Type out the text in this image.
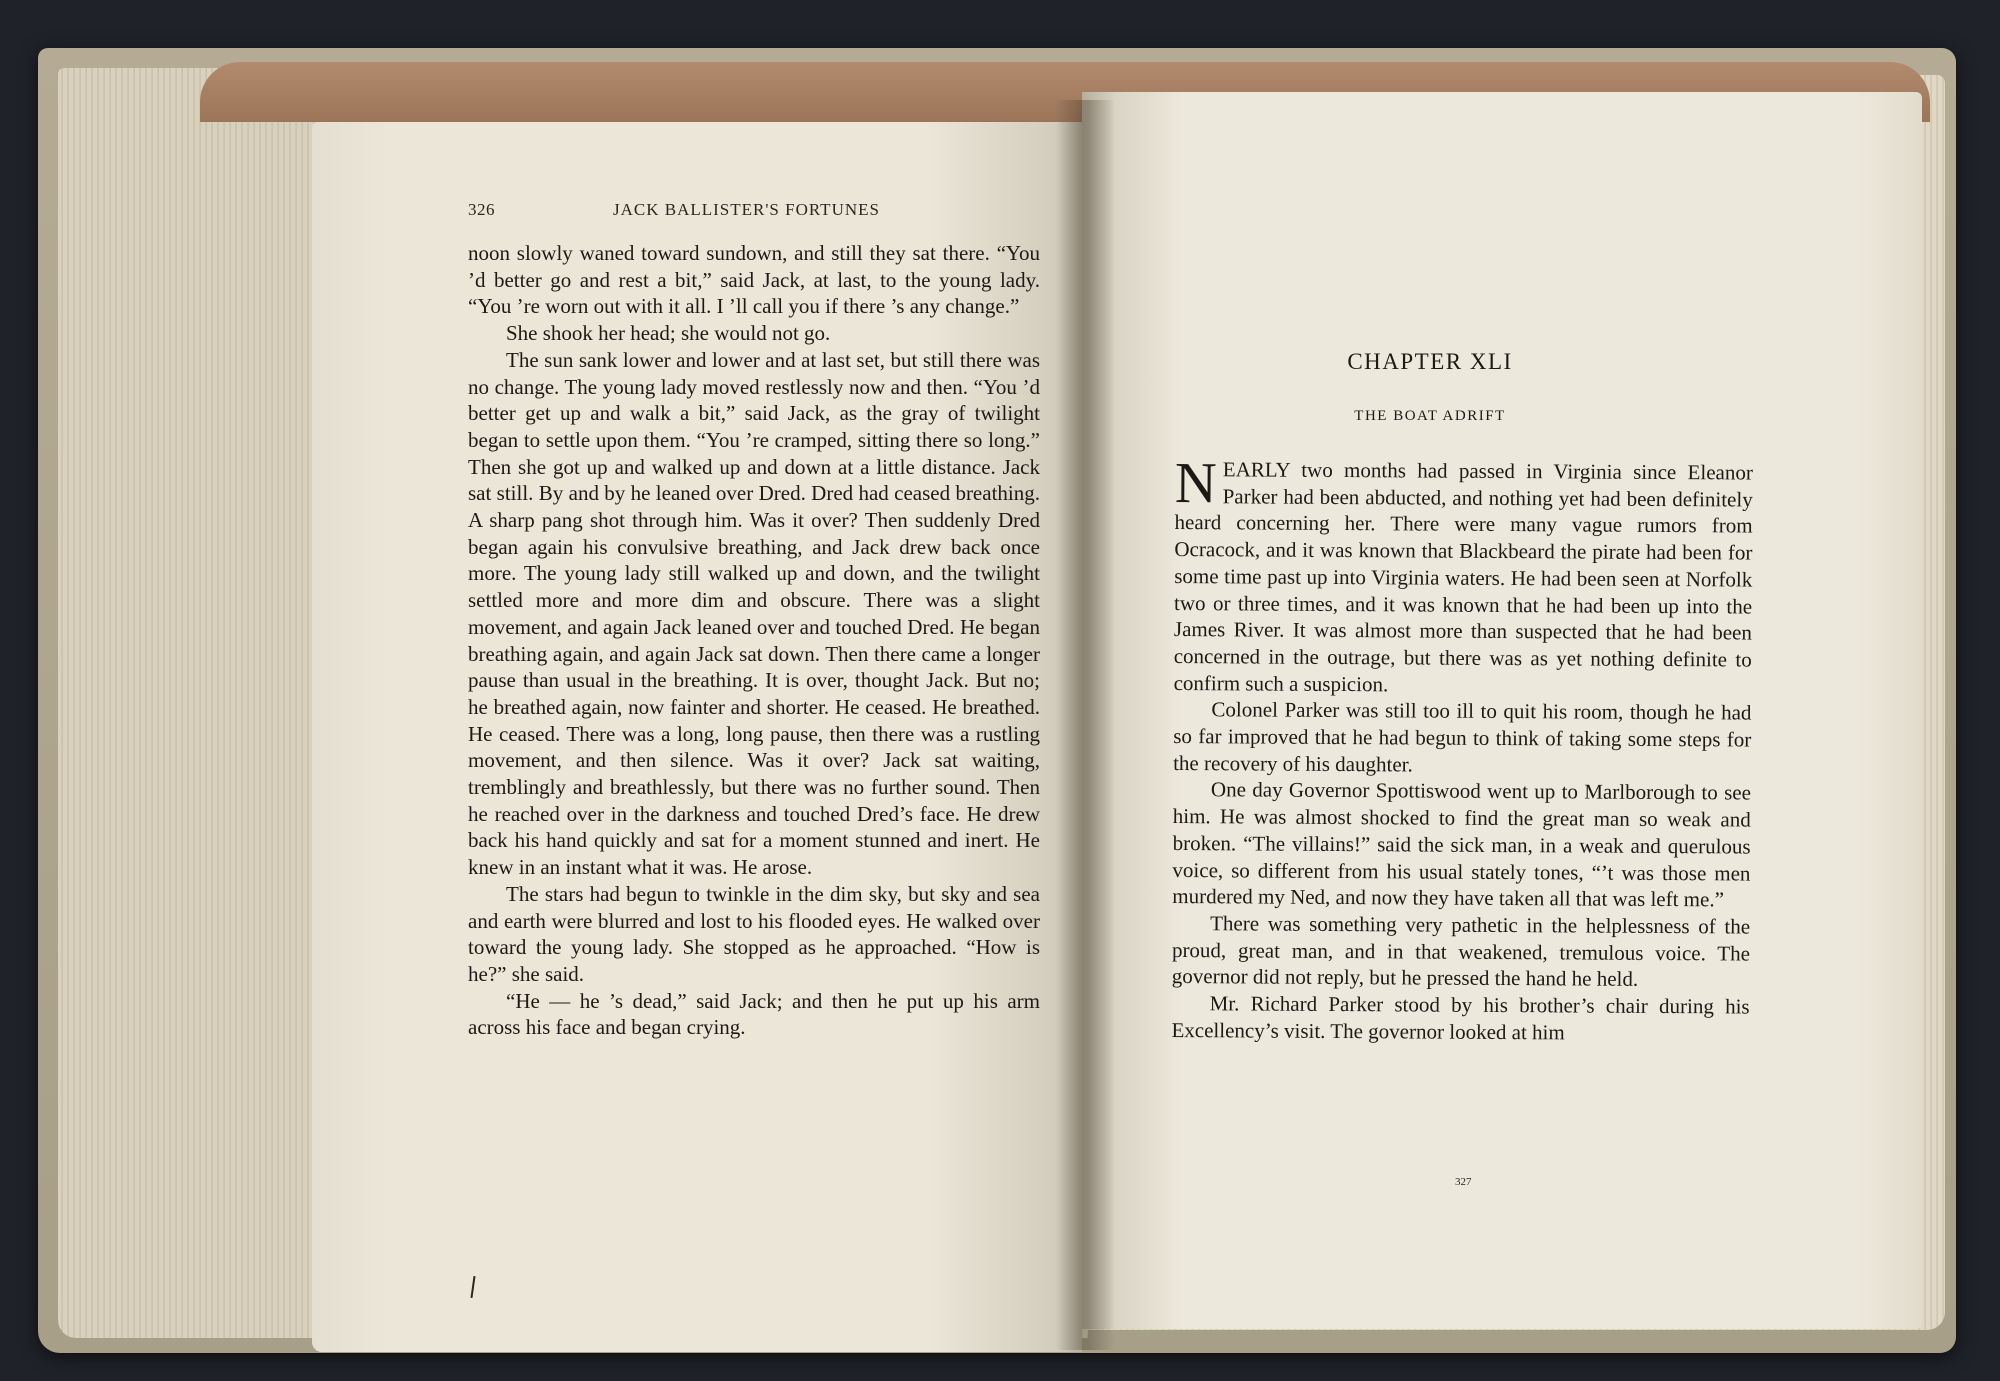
326	JACK BALLISTER'S FORTUNES

noon slowly waned toward sundown, and still they sat there. “You ’d better go and rest a bit,” said Jack, at last, to the young lady. “You ’re worn out with it all. I ’ll call you if there ’s any change.”

She shook her head; she would not go.

The sun sank lower and lower and at last set, but still there was no change. The young lady moved restlessly now and then. “You ’d better get up and walk a bit,” said Jack, as the gray of twilight began to settle upon them. “You ’re cramped, sitting there so long.” Then she got up and walked up and down at a little distance. Jack sat still. By and by he leaned over Dred. Dred had ceased breathing. A sharp pang shot through him. Was it over? Then suddenly Dred began again his convulsive breathing, and Jack drew back once more. The young lady still walked up and down, and the twilight settled more and more dim and obscure. There was a slight movement, and again Jack leaned over and touched Dred. He began breathing again, and again Jack sat down. Then there came a longer pause than usual in the breathing. It is over, thought Jack. But no; he breathed again, now fainter and shorter. He ceased. He breathed. He ceased. There was a long, long pause, then there was a rustling movement, and then silence. Was it over? Jack sat waiting, tremblingly and breathlessly, but there was no further sound. Then he reached over in the darkness and touched Dred’s face. He drew back his hand quickly and sat for a moment stunned and inert. He knew in an instant what it was. He arose.

The stars had begun to twinkle in the dim sky, but sky and sea and earth were blurred and lost to his flooded eyes. He walked over toward the young lady. She stopped as he approached. “How is he?” she said.

“He — he ’s dead,” said Jack; and then he put up his arm across his face and began crying.

CHAPTER XLI
THE BOAT ADRIFT

NEARLY two months had passed in Virginia since Eleanor Parker had been abducted, and nothing yet had been definitely heard concerning her. There were many vague rumors from Ocracock, and it was known that Blackbeard the pirate had been for some time past up into Virginia waters. He had been seen at Norfolk two or three times, and it was known that he had been up into the James River. It was almost more than suspected that he had been concerned in the outrage, but there was as yet nothing definite to confirm such a suspicion.

Colonel Parker was still too ill to quit his room, though he had so far improved that he had begun to think of taking some steps for the recovery of his daughter.

One day Governor Spottiswood went up to Marlborough to see him. He was almost shocked to find the great man so weak and broken. “The villains!” said the sick man, in a weak and querulous voice, so different from his usual stately tones, “’t was those men murdered my Ned, and now they have taken all that was left me.”

There was something very pathetic in the helplessness of the proud, great man, and in that weakened, tremulous voice. The governor did not reply, but he pressed the hand he held.

Mr. Richard Parker stood by his brother’s chair during his Excellency’s visit. The governor looked at him

327
